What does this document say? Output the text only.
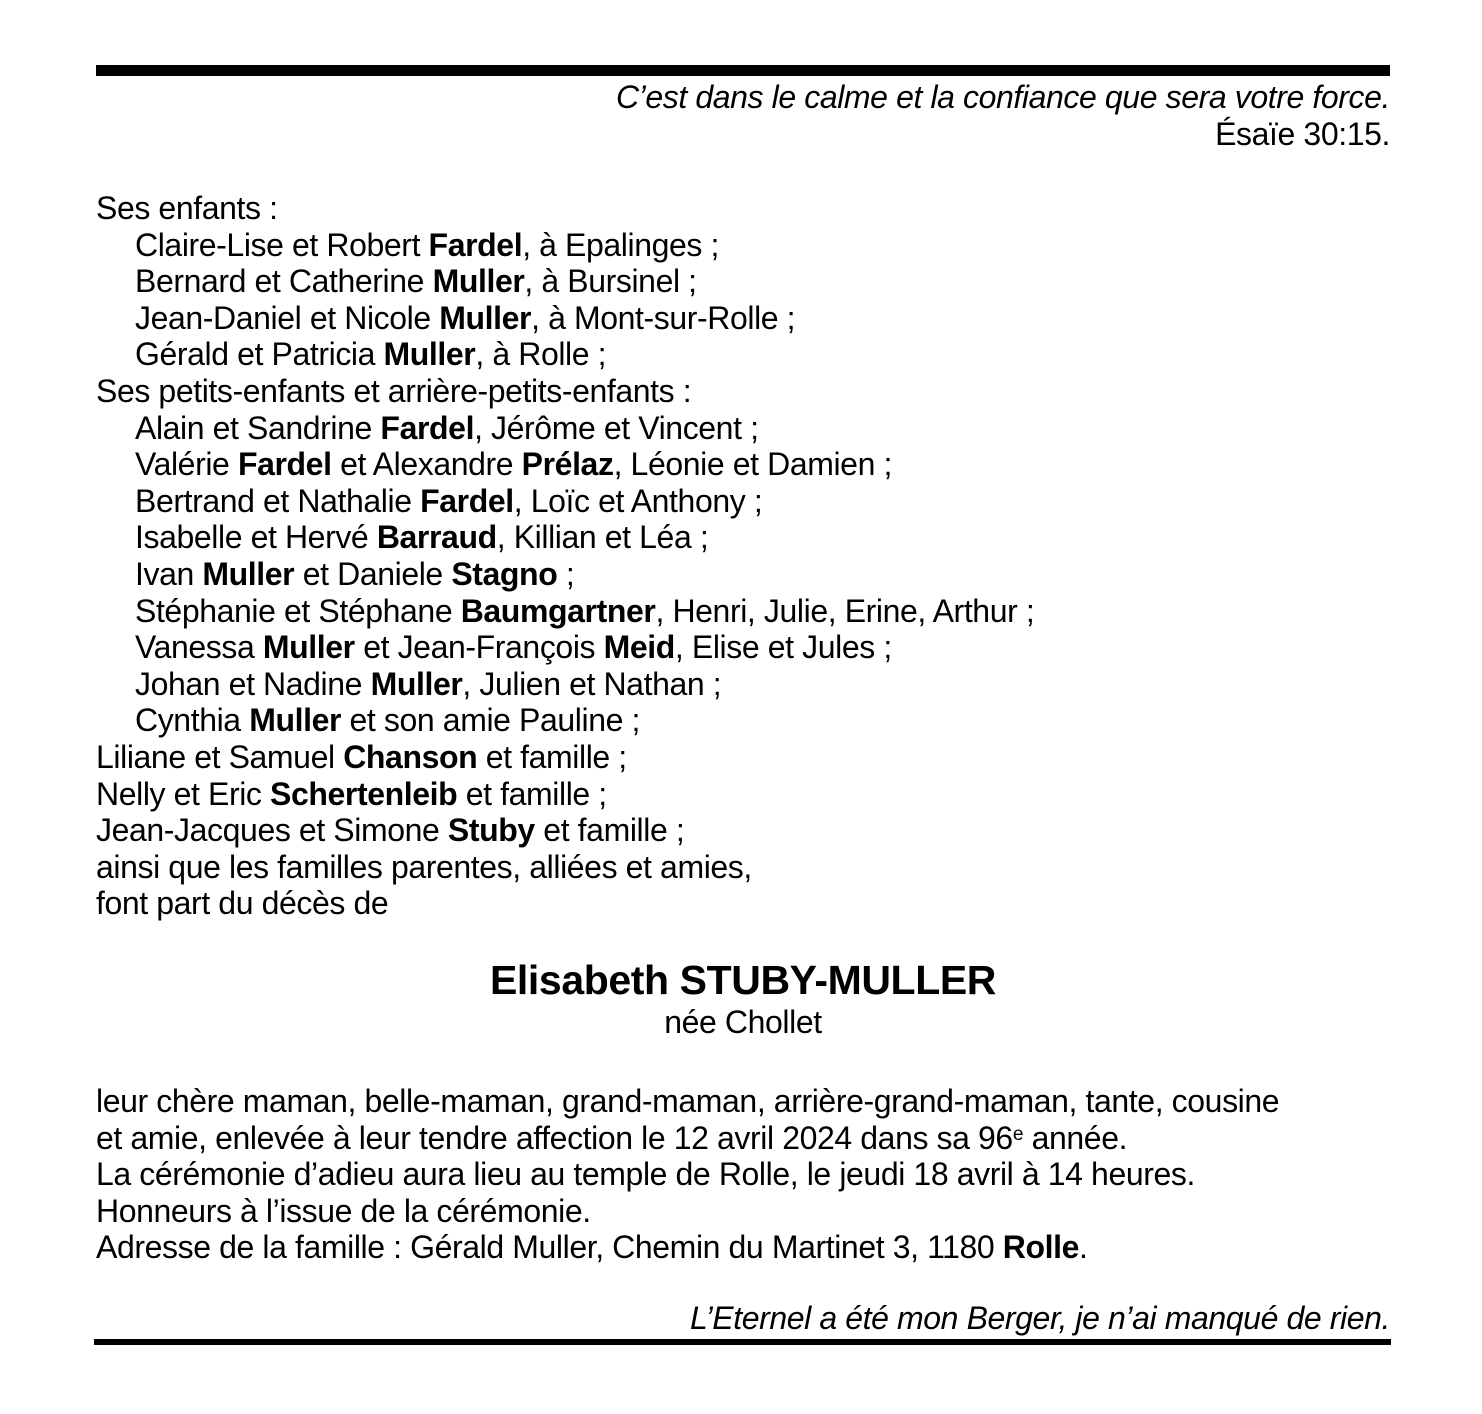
C’est dans le calme et la confiance que sera votre force.
Ésaïe 30:15.
Ses enfants :
Claire-Lise et Robert Fardel, à Epalinges ;
Bernard et Catherine Muller, à Bursinel ;
Jean-Daniel et Nicole Muller, à Mont-sur-Rolle ;
Gérald et Patricia Muller, à Rolle ;
Ses petits-enfants et arrière-petits-enfants :
Alain et Sandrine Fardel, Jérôme et Vincent ;
Valérie Fardel et Alexandre Prélaz, Léonie et Damien ;
Bertrand et Nathalie Fardel, Loïc et Anthony ;
Isabelle et Hervé Barraud, Killian et Léa ;
Ivan Muller et Daniele Stagno ;
Stéphanie et Stéphane Baumgartner, Henri, Julie, Erine, Arthur ;
Vanessa Muller et Jean-François Meid, Elise et Jules ;
Johan et Nadine Muller, Julien et Nathan ;
Cynthia Muller et son amie Pauline ;
Liliane et Samuel Chanson et famille ;
Nelly et Eric Schertenleib et famille ;
Jean-Jacques et Simone Stuby et famille ;
ainsi que les familles parentes, alliées et amies,
font part du décès de
Elisabeth STUBY-MULLER
née Chollet
leur chère maman, belle-maman, grand-maman, arrière-grand-maman, tante, cousine
et amie, enlevée à leur tendre affection le 12 avril 2024 dans sa 96e année.
La cérémonie d’adieu aura lieu au temple de Rolle, le jeudi 18 avril à 14 heures.
Honneurs à l’issue de la cérémonie.
Adresse de la famille : Gérald Muller, Chemin du Martinet 3, 1180 Rolle.
L’Eternel a été mon Berger, je n’ai manqué de rien.
